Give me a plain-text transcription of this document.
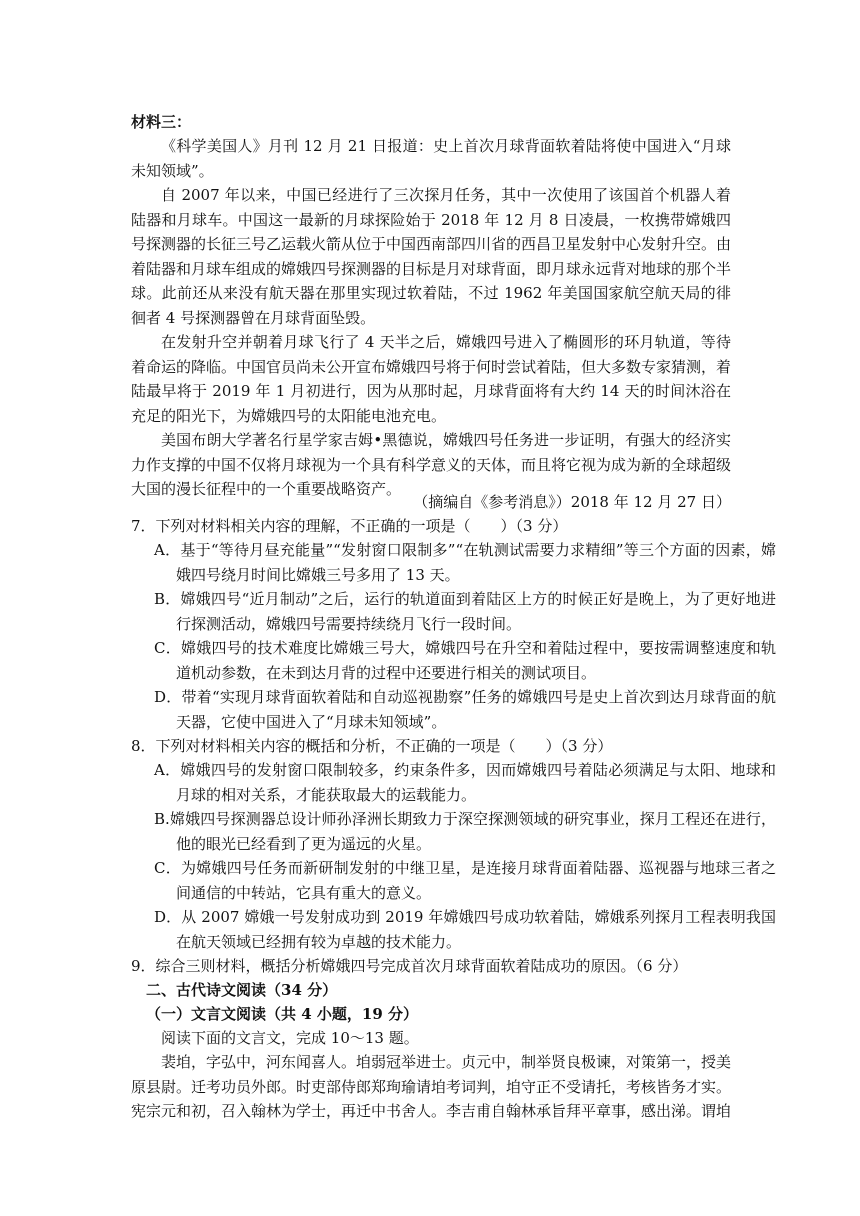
材料三：
《科学美国人》月刊 12 月 21 日报道：史上首次月球背面软着陆将使中国进入“月球未知领域”。
自 2007 年以来，中国已经进行了三次探月任务，其中一次使用了该国首个机器人着陆器和月球车。中国这一最新的月球探险始于 2018 年 12 月 8 日凌晨，一枚携带嫦娥四号探测器的长征三号乙运载火箭从位于中国西南部四川省的西昌卫星发射中心发射升空。由着陆器和月球车组成的嫦娥四号探测器的目标是月对球背面，即月球永远背对地球的那个半球。此前还从来没有航天器在那里实现过软着陆，不过 1962 年美国国家航空航天局的徘徊者 4 号探测器曾在月球背面坠毁。
在发射升空并朝着月球飞行了 4 天半之后，嫦娥四号进入了椭圆形的环月轨道，等待着命运的降临。中国官员尚未公开宣布嫦娥四号将于何时尝试着陆，但大多数专家猜测，着陆最早将于 2019 年 1 月初进行，因为从那时起，月球背面将有大约 14 天的时间沐浴在充足的阳光下，为嫦娥四号的太阳能电池充电。
美国布朗大学著名行星学家吉姆•黑德说，嫦娥四号任务进一步证明，有强大的经济实力作支撑的中国不仅将月球视为一个具有科学意义的天体，而且将它视为成为新的全球超级大国的漫长征程中的一个重要战略资产。
（摘编自《参考消息》）2018 年 12 月 27 日）
7．下列对材料相关内容的理解，不正确的一项是（　　）（3 分）
A．基于“等待月昼充能量”“发射窗口限制多”“在轨测试需要力求精细”等三个方面的因素，嫦娥四号绕月时间比嫦娥三号多用了 13 天。
B．嫦娥四号“近月制动”之后，运行的轨道面到着陆区上方的时候正好是晚上，为了更好地进行探测活动，嫦娥四号需要持续绕月飞行一段时间。
C．嫦娥四号的技术难度比嫦娥三号大，嫦娥四号在升空和着陆过程中，要按需调整速度和轨道机动参数，在未到达月背的过程中还要进行相关的测试项目。
D．带着“实现月球背面软着陆和自动巡视勘察”任务的嫦娥四号是史上首次到达月球背面的航天器，它使中国进入了“月球未知领域”。
8．下列对材料相关内容的概括和分析，不正确的一项是（　　）（3 分）
A．嫦娥四号的发射窗口限制较多，约束条件多，因而嫦娥四号着陆必须满足与太阳、地球和月球的相对关系，才能获取最大的运载能力。
B.嫦娥四号探测器总设计师孙泽洲长期致力于深空探测领域的研究事业，探月工程还在进行，他的眼光已经看到了更为遥远的火星。
C．为嫦娥四号任务而新研制发射的中继卫星，是连接月球背面着陆器、巡视器与地球三者之间通信的中转站，它具有重大的意义。
D．从 2007 嫦娥一号发射成功到 2019 年嫦娥四号成功软着陆，嫦娥系列探月工程表明我国在航天领域已经拥有较为卓越的技术能力。
9．综合三则材料，概括分析嫦娥四号完成首次月球背面软着陆成功的原因。（6 分）
二、古代诗文阅读（34 分）
（一）文言文阅读（共 4 小题，19 分）
阅读下面的文言文，完成 10～13 题。
裴垍，字弘中，河东闻喜人。垍弱冠举进士。贞元中，制举贤良极谏，对策第一，授美原县尉。迁考功员外郎。时吏部侍郎郑珣瑜请垍考词判，垍守正不受请托，考核皆务才实。宪宗元和初，召入翰林为学士，再迁中书舍人。李吉甫自翰林承旨拜平章事，感出涕。谓垍
